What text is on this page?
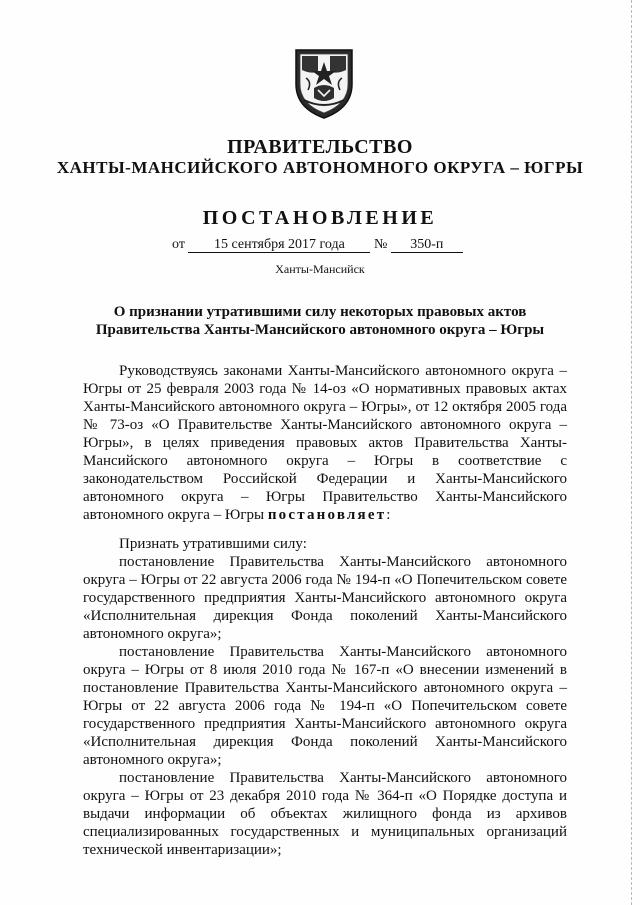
ПРАВИТЕЛЬСТВО
ХАНТЫ-МАНСИЙСКОГО АВТОНОМНОГО ОКРУГА – ЮГРЫ
ПОСТАНОВЛЕНИЕ
от 15 сентября 2017 года № 350-п
Ханты-Мансийск
О признании утратившими силу некоторых правовых актов
Правительства Ханты-Мансийского автономного округа – Югры
Руководствуясь законами Ханты-Мансийского автономного округа – Югры от 25 февраля 2003 года № 14-оз «О нормативных правовых актах Ханты-Мансийского автономного округа – Югры», от 12 октября 2005 года № 73-оз «О Правительстве Ханты-Мансийского автономного округа – Югры», в целях приведения правовых актов Правительства Ханты-Мансийского автономного округа – Югры в соответствие с законодательством Российской Федерации и Ханты-Мансийского автономного округа – Югры Правительство Ханты-Мансийского автономного округа – Югры постановляет:
Признать утратившими силу:
постановление Правительства Ханты-Мансийского автономного округа – Югры от 22 августа 2006 года № 194-п «О Попечительском совете государственного предприятия Ханты-Мансийского автономного округа «Исполнительная дирекция Фонда поколений Ханты-Мансийского автономного округа»;
постановление Правительства Ханты-Мансийского автономного округа – Югры от 8 июля 2010 года № 167-п «О внесении изменений в постановление Правительства Ханты-Мансийского автономного округа – Югры от 22 августа 2006 года № 194-п «О Попечительском совете государственного предприятия Ханты-Мансийского автономного округа «Исполнительная дирекция Фонда поколений Ханты-Мансийского автономного округа»;
постановление Правительства Ханты-Мансийского автономного округа – Югры от 23 декабря 2010 года № 364-п «О Порядке доступа и выдачи информации об объектах жилищного фонда из архивов специализированных государственных и муниципальных организаций технической инвентаризации»;
